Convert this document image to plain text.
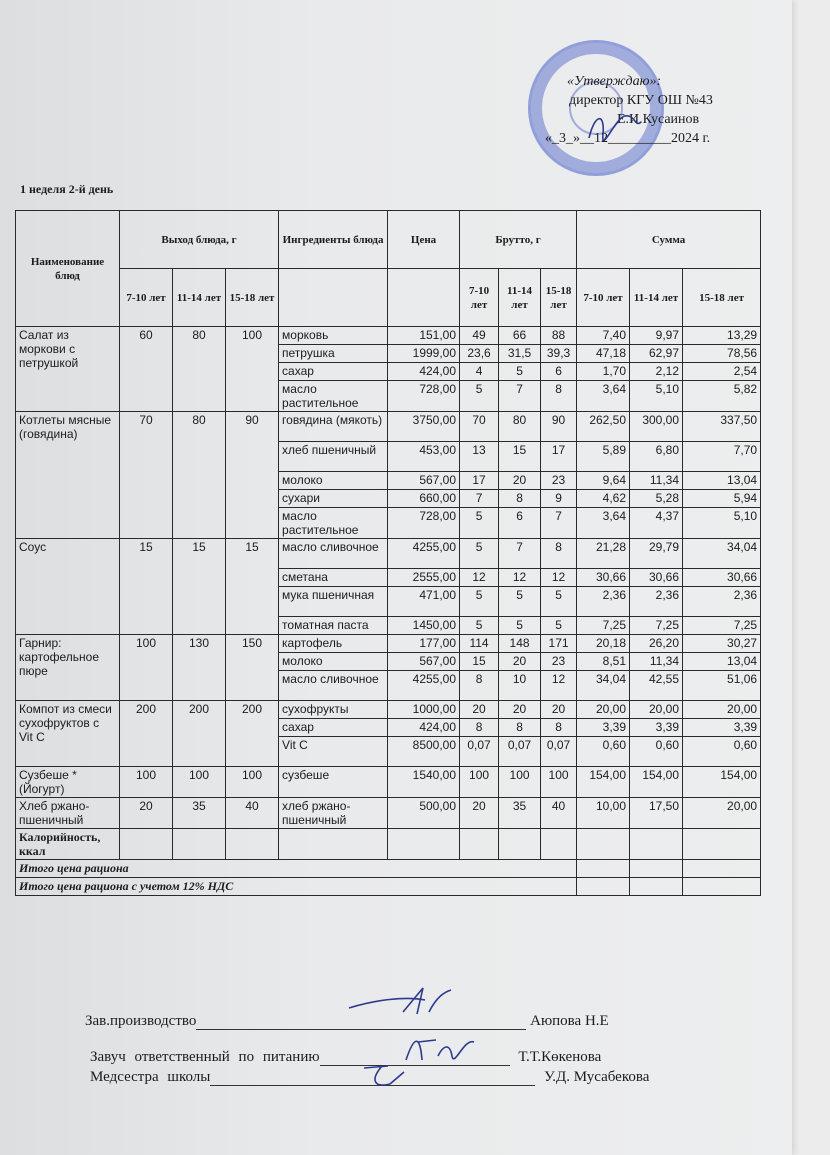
«Утверждаю»:
директор КГУ ОШ №43
Е.И.Кусаинов
«_3_»__12_________2024 г.
1 неделя 2-й день
Наименование блюд	Выход блюда, г			Ингредиенты блюда	Цена	Брутто, г			Сумма		
	7-10 лет	11-14 лет	15-18 лет			7-10 лет	11-14 лет	15-18 лет	7-10 лет	11-14 лет	15-18 лет
Салат из моркови с петрушкой	60	80	100	морковь	151,00	49	66	88	7,40	9,97	13,29
				петрушка	1999,00	23,6	31,5	39,3	47,18	62,97	78,56
				сахар	424,00	4	5	6	1,70	2,12	2,54
				масло растительное	728,00	5	7	8	3,64	5,10	5,82
Котлеты мясные (говядина)	70	80	90	говядина (мякоть)	3750,00	70	80	90	262,50	300,00	337,50
				хлеб пшеничный	453,00	13	15	17	5,89	6,80	7,70
				молоко	567,00	17	20	23	9,64	11,34	13,04
				сухари	660,00	7	8	9	4,62	5,28	5,94
				масло растительное	728,00	5	6	7	3,64	4,37	5,10
Соус	15	15	15	масло сливочное	4255,00	5	7	8	21,28	29,79	34,04
				сметана	2555,00	12	12	12	30,66	30,66	30,66
				мука пшеничная	471,00	5	5	5	2,36	2,36	2,36
				томатная паста	1450,00	5	5	5	7,25	7,25	7,25
Гарнир: картофельное пюре	100	130	150	картофель	177,00	114	148	171	20,18	26,20	30,27
				молоко	567,00	15	20	23	8,51	11,34	13,04
				масло сливочное	4255,00	8	10	12	34,04	42,55	51,06
Компот из смеси сухофруктов с Vit C	200	200	200	сухофрукты	1000,00	20	20	20	20,00	20,00	20,00
				сахар	424,00	8	8	8	3,39	3,39	3,39
				Vit C	8500,00	0,07	0,07	0,07	0,60	0,60	0,60
Сузбеше *(Йогурт)	100	100	100	сузбеше	1540,00	100	100	100	154,00	154,00	154,00
Хлеб ржано-пшеничный	20	35	40	хлеб ржано-пшеничный	500,00	20	35	40	10,00	17,50	20,00
Калорийность, ккал											
Итого цена рациона											
Итого цена рациона с учетом 12% НДС											
Зав.производство	Аюпова Н.Е
Завуч ответственный по питанию	Т.Т.Көкенова
Медсестра школы	У.Д. Мусабекова
